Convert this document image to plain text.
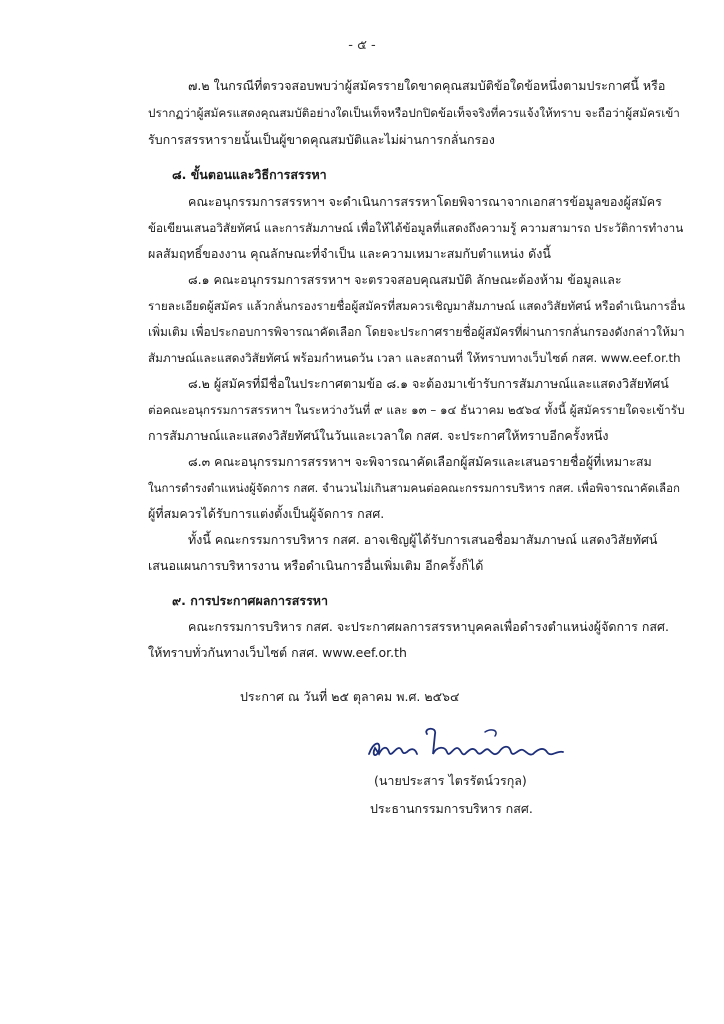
- ๕ -
๗.๒ ในกรณีที่ตรวจสอบพบว่าผู้สมัครรายใดขาดคุณสมบัติข้อใดข้อหนึ่งตามประกาศนี้ หรือ
ปรากฏว่าผู้สมัครแสดงคุณสมบัติอย่างใดเป็นเท็จหรือปกปิดข้อเท็จจริงที่ควรแจ้งให้ทราบ จะถือว่าผู้สมัครเข้า
รับการสรรหารายนั้นเป็นผู้ขาดคุณสมบัติและไม่ผ่านการกลั่นกรอง
๘. ขั้นตอนและวิธีการสรรหา
คณะอนุกรรมการสรรหาฯ จะดำเนินการสรรหาโดยพิจารณาจากเอกสารข้อมูลของผู้สมัคร
ข้อเขียนเสนอวิสัยทัศน์ และการสัมภาษณ์ เพื่อให้ได้ข้อมูลที่แสดงถึงความรู้ ความสามารถ ประวัติการทำงาน
ผลสัมฤทธิ์ของงาน คุณลักษณะที่จำเป็น และความเหมาะสมกับตำแหน่ง ดังนี้
๘.๑ คณะอนุกรรมการสรรหาฯ จะตรวจสอบคุณสมบัติ ลักษณะต้องห้าม ข้อมูลและ
รายละเอียดผู้สมัคร แล้วกลั่นกรองรายชื่อผู้สมัครที่สมควรเชิญมาสัมภาษณ์ แสดงวิสัยทัศน์ หรือดำเนินการอื่น
เพิ่มเติม เพื่อประกอบการพิจารณาคัดเลือก โดยจะประกาศรายชื่อผู้สมัครที่ผ่านการกลั่นกรองดังกล่าวให้มา
สัมภาษณ์และแสดงวิสัยทัศน์ พร้อมกำหนดวัน เวลา และสถานที่ ให้ทราบทางเว็บไซต์ กสศ. www.eef.or.th
๘.๒ ผู้สมัครที่มีชื่อในประกาศตามข้อ ๘.๑ จะต้องมาเข้ารับการสัมภาษณ์และแสดงวิสัยทัศน์
ต่อคณะอนุกรรมการสรรหาฯ ในระหว่างวันที่ ๙ และ ๑๓ – ๑๔ ธันวาคม ๒๕๖๔ ทั้งนี้ ผู้สมัครรายใดจะเข้ารับ
การสัมภาษณ์และแสดงวิสัยทัศน์ในวันและเวลาใด กสศ. จะประกาศให้ทราบอีกครั้งหนึ่ง
๘.๓ คณะอนุกรรมการสรรหาฯ จะพิจารณาคัดเลือกผู้สมัครและเสนอรายชื่อผู้ที่เหมาะสม
ในการดำรงตำแหน่งผู้จัดการ กสศ. จำนวนไม่เกินสามคนต่อคณะกรรมการบริหาร กสศ. เพื่อพิจารณาคัดเลือก
ผู้ที่สมควรได้รับการแต่งตั้งเป็นผู้จัดการ กสศ.
ทั้งนี้ คณะกรรมการบริหาร กสศ. อาจเชิญผู้ได้รับการเสนอชื่อมาสัมภาษณ์ แสดงวิสัยทัศน์
เสนอแผนการบริหารงาน หรือดำเนินการอื่นเพิ่มเติม อีกครั้งก็ได้
๙. การประกาศผลการสรรหา
คณะกรรมการบริหาร กสศ. จะประกาศผลการสรรหาบุคคลเพื่อดำรงตำแหน่งผู้จัดการ กสศ.
ให้ทราบทั่วกันทางเว็บไซต์ กสศ. www.eef.or.th
ประกาศ ณ วันที่ ๒๕ ตุลาคม พ.ศ. ๒๕๖๔
(นายประสาร ไตรรัตน์วรกุล)
ประธานกรรมการบริหาร กสศ.
